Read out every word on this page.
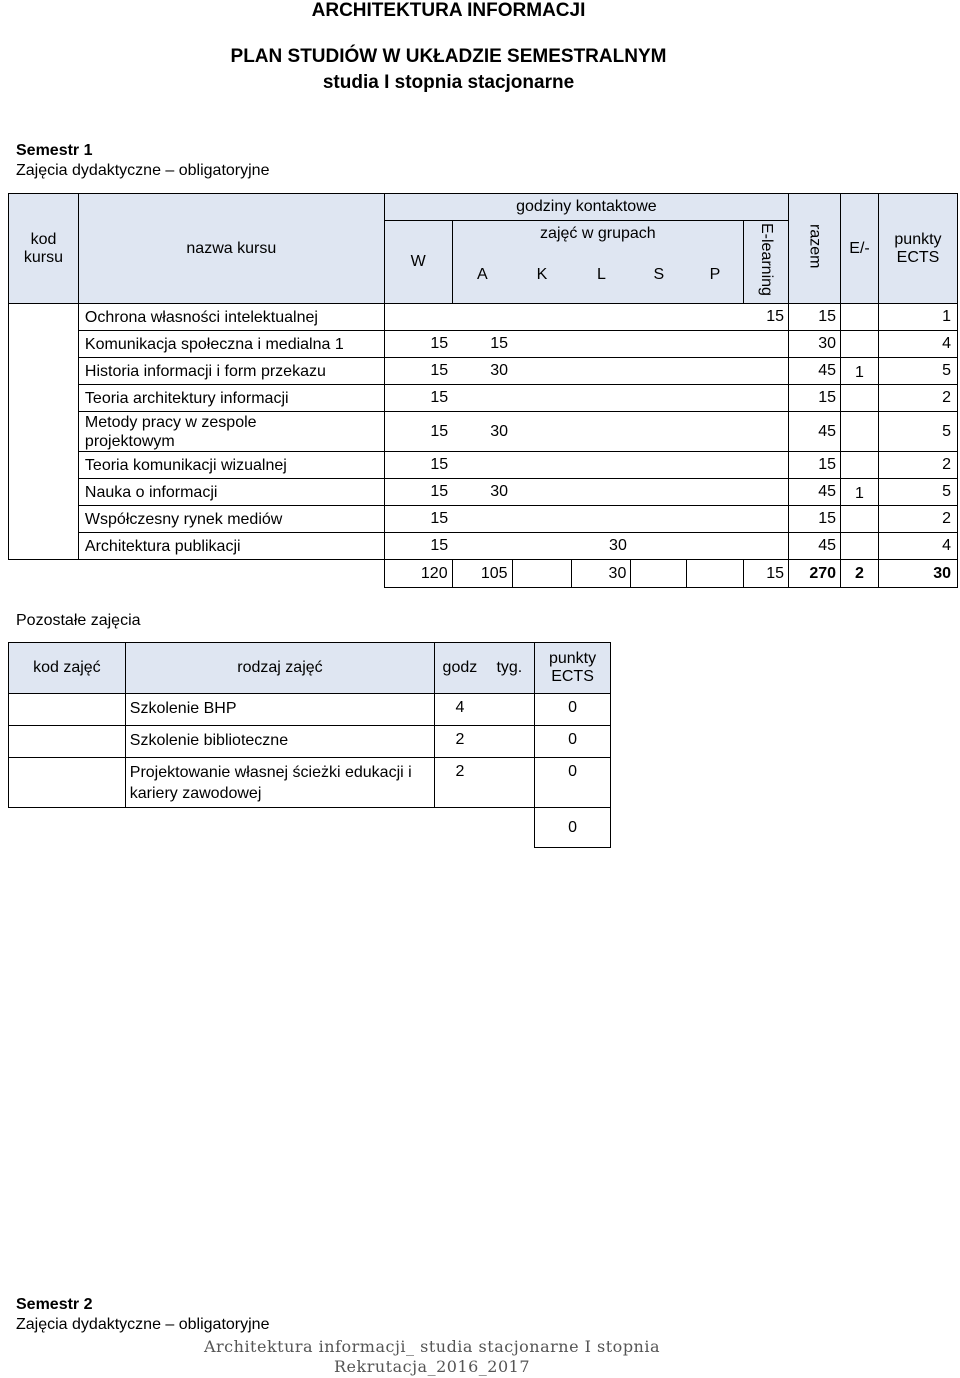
ARCHITEKTURA INFORMACJI
PLAN STUDIÓW W UKŁADZIE SEMESTRALNYM
studia I stopnia stacjonarne
Semestr 1
Zajęcia dydaktyczne – obligatoryjne
kod kursu	nazwa kursu	godziny kontaktowe							razem	E/-	punkty ECTS
		W	zajęć w grupach					E-learning			
			A	K	L	S	P				
	Ochrona własności intelektualnej							15	15		1
	Komunikacja społeczna i medialna 1	15	15						30		4
	Historia informacji i form przekazu	15	30						45	1	5
	Teoria architektury informacji	15							15		2
	Metody pracy w zespole projektowym	15	30						45		5
	Teoria komunikacji wizualnej	15							15		2
	Nauka o informacji	15	30						45	1	5
	Współczesny rynek mediów	15							15		2
	Architektura publikacji	15			30				45		4
		120	105		30			15	270	2	30
Pozostałe zajęcia
kod zajęć	rodzaj zajęć	godz	tyg.	punkty ECTS
	Szkolenie BHP	4		0
	Szkolenie biblioteczne	2		0
	Projektowanie własnej ścieżki edukacji i kariery zawodowej	2		0
				0
Semestr 2
Zajęcia dydaktyczne – obligatoryjne
Architektura informacji_ studia stacjonarne I stopnia
Rekrutacja_2016_2017
